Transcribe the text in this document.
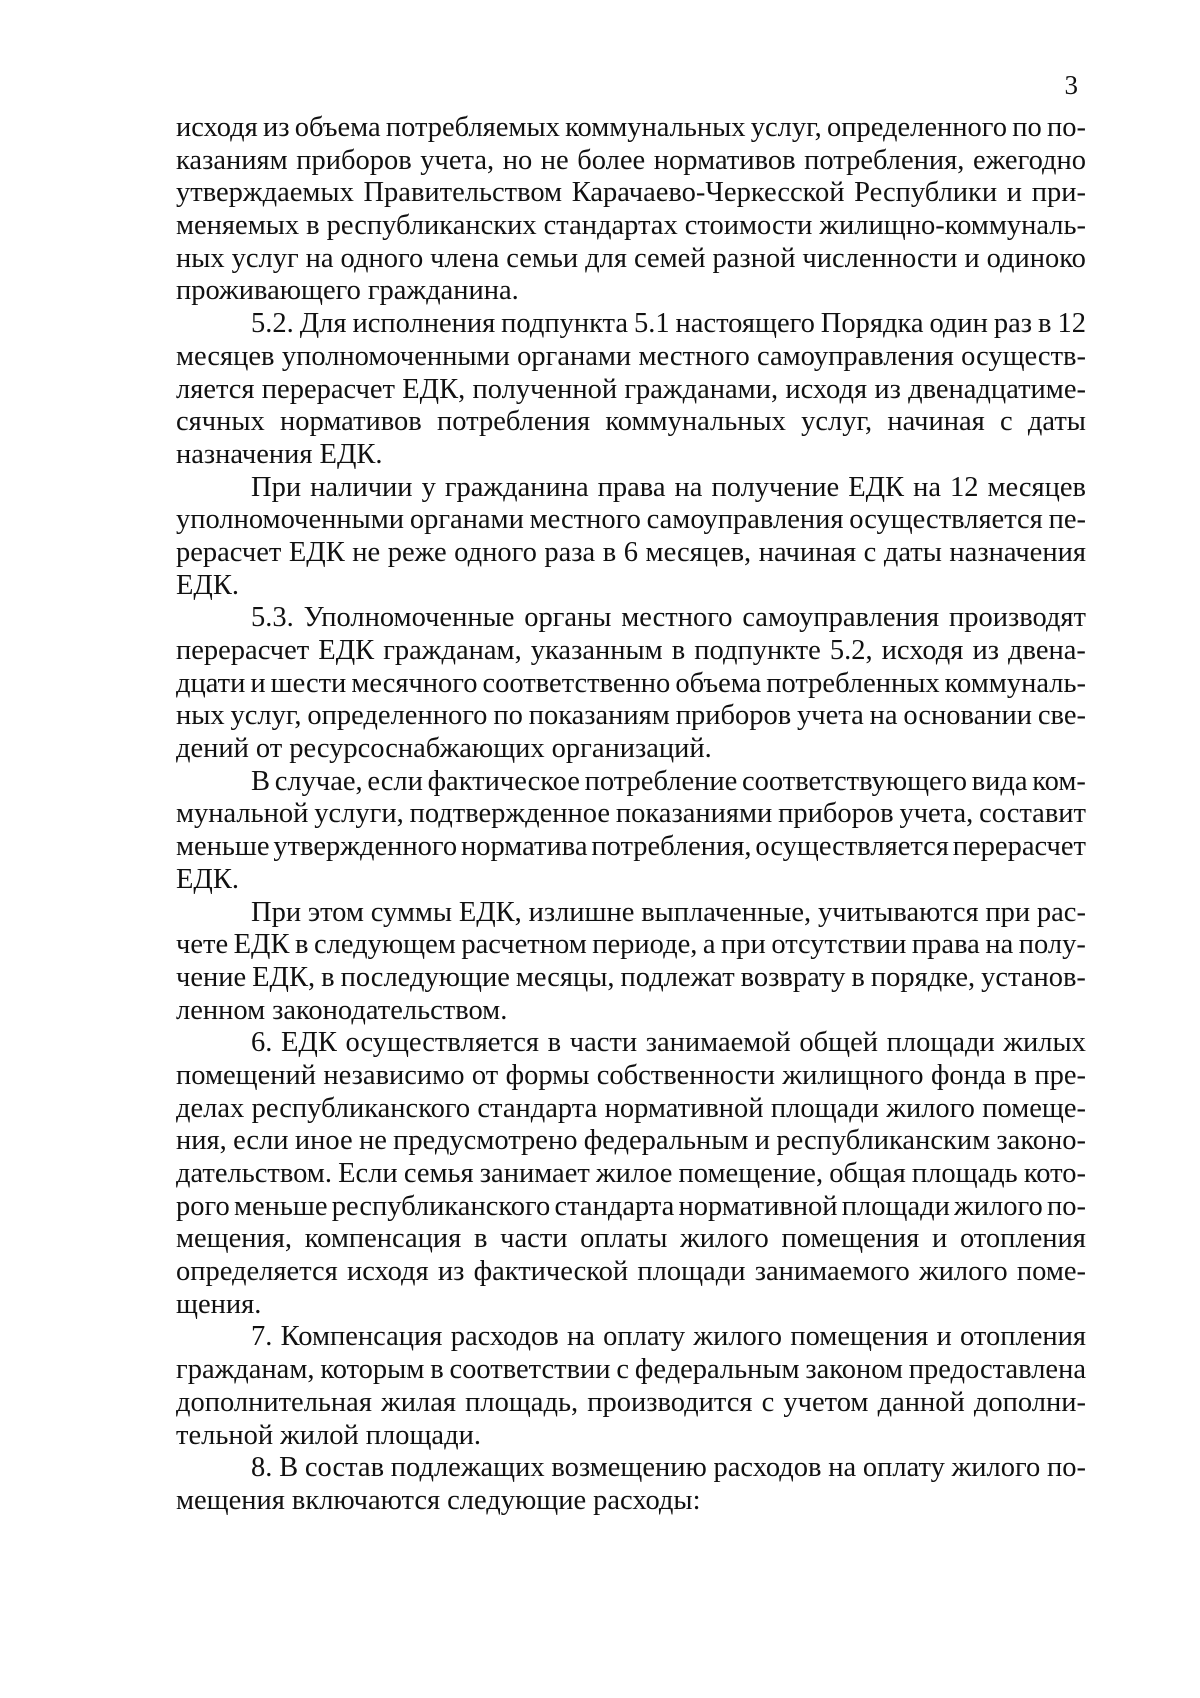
3
исходя из объема потребляемых коммунальных услуг, определенного по по-
казаниям приборов учета, но не более нормативов потребления, ежегодно
утверждаемых Правительством Карачаево-Черкесской Республики и при-
меняемых в республиканских стандартах стоимости жилищно-коммуналь-
ных услуг на одного члена семьи для семей разной численности и одиноко
проживающего гражданина.
5.2. Для исполнения подпункта 5.1 настоящего Порядка один раз в 12
месяцев уполномоченными органами местного самоуправления осуществ-
ляется перерасчет ЕДК, полученной гражданами, исходя из двенадцатиме-
сячных нормативов потребления коммунальных услуг, начиная с даты
назначения ЕДК.
При наличии у гражданина права на получение ЕДК на 12 месяцев
уполномоченными органами местного самоуправления осуществляется пе-
рерасчет ЕДК не реже одного раза в 6 месяцев, начиная с даты назначения
ЕДК.
5.3. Уполномоченные органы местного самоуправления производят
перерасчет ЕДК гражданам, указанным в подпункте 5.2, исходя из двена-
дцати и шести месячного соответственно объема потребленных коммуналь-
ных услуг, определенного по показаниям приборов учета на основании све-
дений от ресурсоснабжающих организаций.
В случае, если фактическое потребление соответствующего вида ком-
мунальной услуги, подтвержденное показаниями приборов учета, составит
меньше утвержденного норматива потребления, осуществляется перерасчет
ЕДК.
При этом суммы ЕДК, излишне выплаченные, учитываются при рас-
чете ЕДК в следующем расчетном периоде, а при отсутствии права на полу-
чение ЕДК, в последующие месяцы, подлежат возврату в порядке, установ-
ленном законодательством.
6. ЕДК осуществляется в части занимаемой общей площади жилых
помещений независимо от формы собственности жилищного фонда в пре-
делах республиканского стандарта нормативной площади жилого помеще-
ния, если иное не предусмотрено федеральным и республиканским законо-
дательством. Если семья занимает жилое помещение, общая площадь кото-
рого меньше республиканского стандарта нормативной площади жилого по-
мещения, компенсация в части оплаты жилого помещения и отопления
определяется исходя из фактической площади занимаемого жилого поме-
щения.
7. Компенсация расходов на оплату жилого помещения и отопления
гражданам, которым в соответствии с федеральным законом предоставлена
дополнительная жилая площадь, производится с учетом данной дополни-
тельной жилой площади.
8. В состав подлежащих возмещению расходов на оплату жилого по-
мещения включаются следующие расходы:
